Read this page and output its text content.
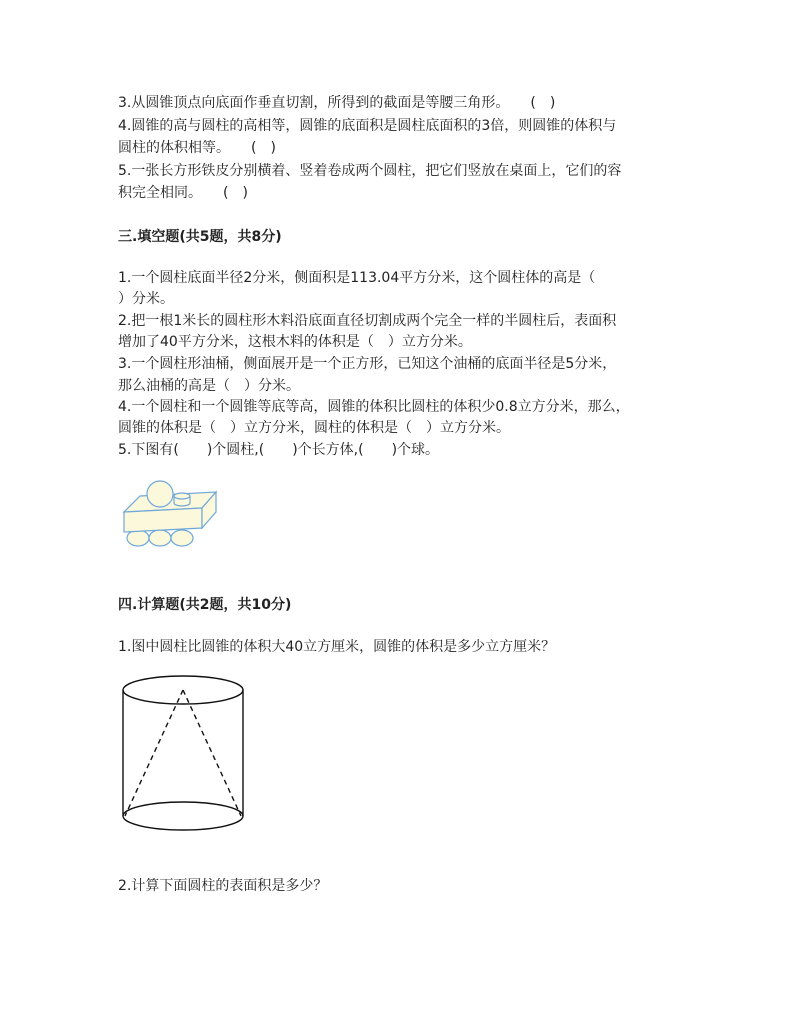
3.从圆锥顶点向底面作垂直切割，所得到的截面是等腰三角形。　　(　)
4.圆锥的高与圆柱的高相等，圆锥的底面积是圆柱底面积的3倍，则圆锥的体积与
圆柱的体积相等。　　(　)
5.一张长方形铁皮分别横着、竖着卷成两个圆柱，把它们竖放在桌面上，它们的容
积完全相同。　　(　)
三.填空题(共5题，共8分)
1.一个圆柱底面半径2分米，侧面积是113.04平方分米，这个圆柱体的高是（
）分米。
2.把一根1米长的圆柱形木料沿底面直径切割成两个完全一样的半圆柱后，表面积
增加了40平方分米，这根木料的体积是（　）立方分米。
3.一个圆柱形油桶，侧面展开是一个正方形，已知这个油桶的底面半径是5分米，
那么油桶的高是（　）分米。
4.一个圆柱和一个圆锥等底等高，圆锥的体积比圆柱的体积少0.8立方分米，那么，
圆锥的体积是（　）立方分米，圆柱的体积是（　）立方分米。
5.下图有(　　)个圆柱,(　　)个长方体,(　　)个球。
四.计算题(共2题，共10分)
1.图中圆柱比圆锥的体积大40立方厘米，圆锥的体积是多少立方厘米？
2.计算下面圆柱的表面积是多少？
